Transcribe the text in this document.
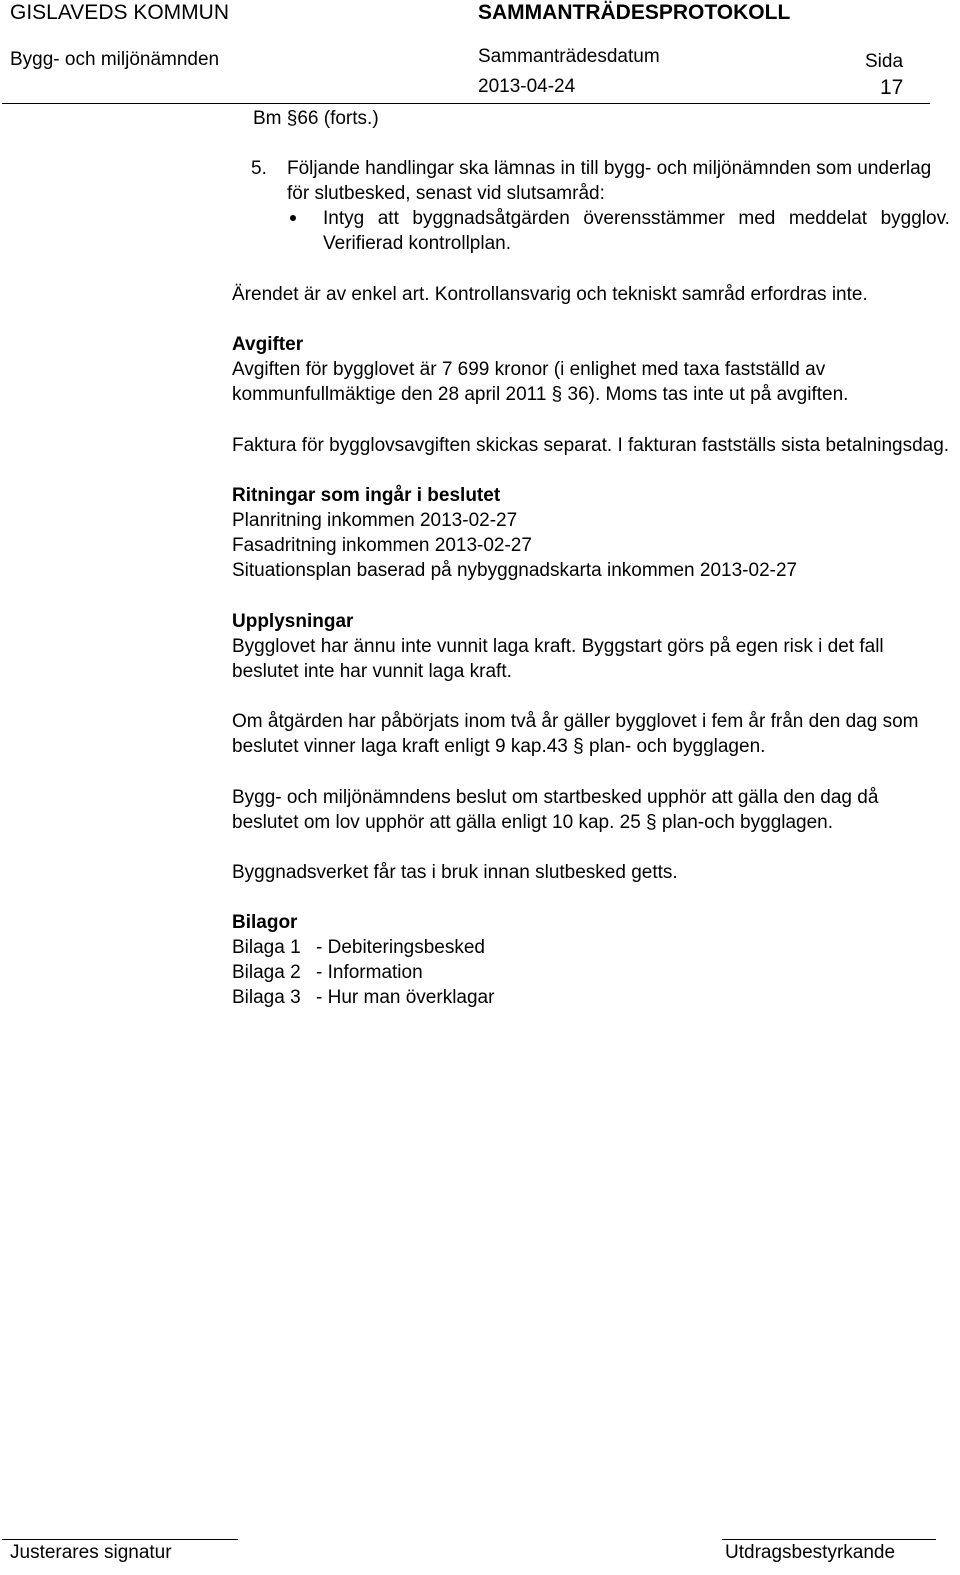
GISLAVEDS KOMMUN	SAMMANTRÄDESPROTOKOLL
Bygg- och miljönämnden	Sammanträdesdatum	Sida
2013-04-24	17
Bm §66 (forts.)
5. Följande handlingar ska lämnas in till bygg- och miljönämnden som underlag
för slutbesked, senast vid slutsamråd:
Intyg att byggnadsåtgärden överensstämmer med meddelat bygglov.
Verifierad kontrollplan.
Ärendet är av enkel art. Kontrollansvarig och tekniskt samråd erfordras inte.
Avgifter
Avgiften för bygglovet är 7 699 kronor (i enlighet med taxa fastställd av
kommunfullmäktige den 28 april 2011 § 36). Moms tas inte ut på avgiften.
Faktura för bygglovsavgiften skickas separat. I fakturan fastställs sista betalningsdag.
Ritningar som ingår i beslutet
Planritning inkommen 2013-02-27
Fasadritning inkommen 2013-02-27
Situationsplan baserad på nybyggnadskarta inkommen 2013-02-27
Upplysningar
Bygglovet har ännu inte vunnit laga kraft. Byggstart görs på egen risk i det fall
beslutet inte har vunnit laga kraft.
Om åtgärden har påbörjats inom två år gäller bygglovet i fem år från den dag som
beslutet vinner laga kraft enligt 9 kap.43 § plan- och bygglagen.
Bygg- och miljönämndens beslut om startbesked upphör att gälla den dag då
beslutet om lov upphör att gälla enligt 10 kap. 25 § plan-och bygglagen.
Byggnadsverket får tas i bruk innan slutbesked getts.
Bilagor
Bilaga 1 - Debiteringsbesked
Bilaga 2 - Information
Bilaga 3 - Hur man överklagar
Justerares signatur	Utdragsbestyrkande
